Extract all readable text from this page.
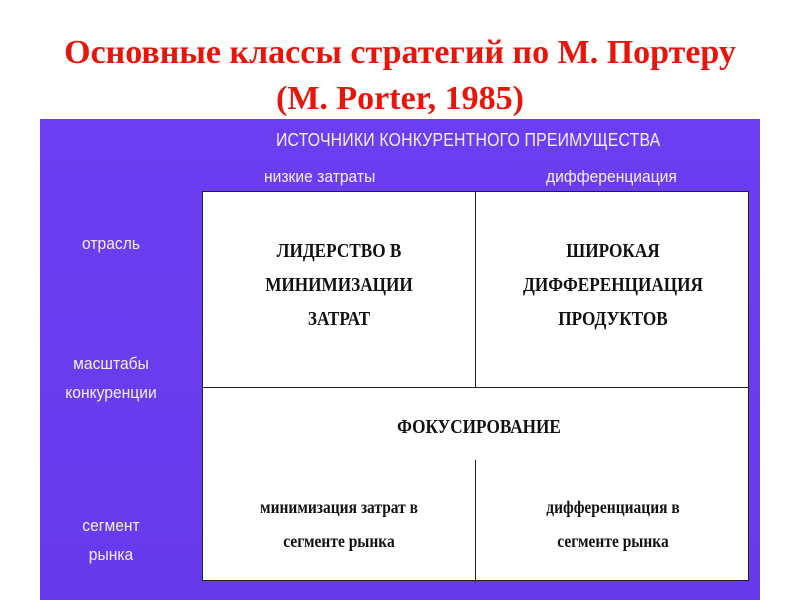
Основные классы стратегий по М. Портеру (М. Porter, 1985)
ИСТОЧНИКИ КОНКУРЕНТНОГО ПРЕИМУЩЕСТВА
низкие затраты	дифференциация
отрасль
масштабы
конкуренции
сегмент
рынка
ЛИДЕРСТВО В
МИНИМИЗАЦИИ
ЗАТРАТ
ШИРОКАЯ
ДИФФЕРЕНЦИАЦИЯ
ПРОДУКТОВ
ФОКУСИРОВАНИЕ
минимизация затрат в
сегменте рынка
дифференциация в
сегменте рынка
